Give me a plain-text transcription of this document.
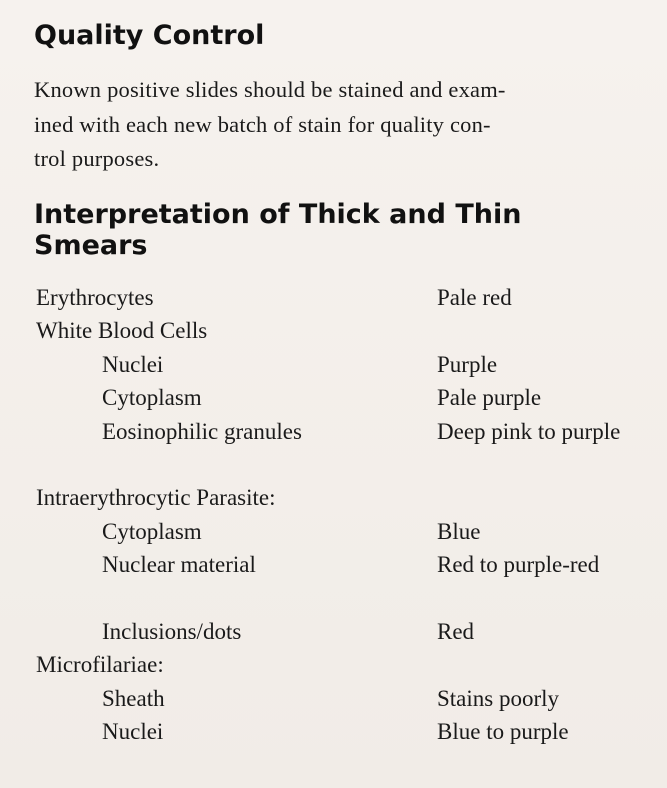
Quality Control
Known positive slides should be stained and exam-
ined with each new batch of stain for quality con-
trol purposes.
Interpretation of Thick and Thin Smears
Erythrocytes	Pale red
White Blood Cells
Nuclei	Purple
Cytoplasm	Pale purple
Eosinophilic granules	Deep pink to purple
Intraerythrocytic Parasite:
Cytoplasm	Blue
Nuclear material	Red to purple-red
Inclusions/dots	Red
Microfilariae:
Sheath	Stains poorly
Nuclei	Blue to purple
